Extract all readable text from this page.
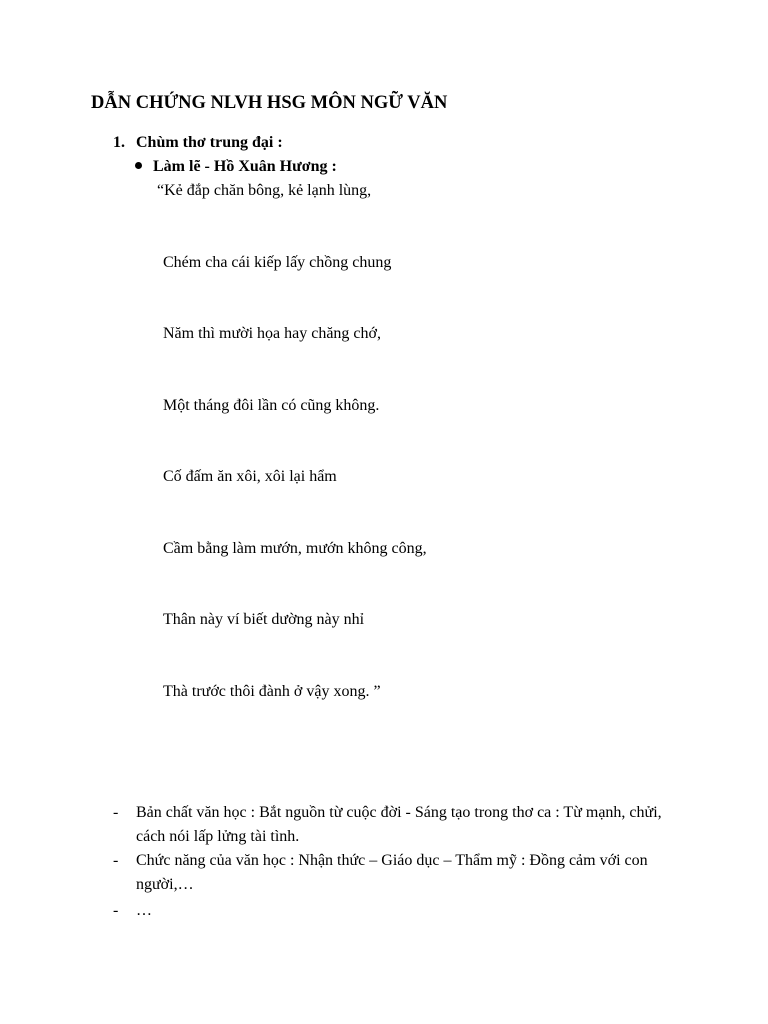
DẪN CHỨNG NLVH HSG MÔN NGỮ VĂN
1. Chùm thơ trung đại :
Làm lẽ - Hồ Xuân Hương :
“Kẻ đắp chăn bông, kẻ lạnh lùng,
Chém cha cái kiếp lấy chồng chung
Năm thì mười họa hay chăng chớ,
Một tháng đôi lần có cũng không.
Cố đấm ăn xôi, xôi lại hẩm
Cầm bằng làm mướn, mướn không công,
Thân này ví biết dường này nhỉ
Thà trước thôi đành ở vậy xong. ”
- Bản chất văn học : Bắt nguồn từ cuộc đời - Sáng tạo trong thơ ca : Từ mạnh, chửi, cách nói lấp lửng tài tình.
- Chức năng của văn học : Nhận thức – Giáo dục – Thẩm mỹ : Đồng cảm với con người,…
- …
